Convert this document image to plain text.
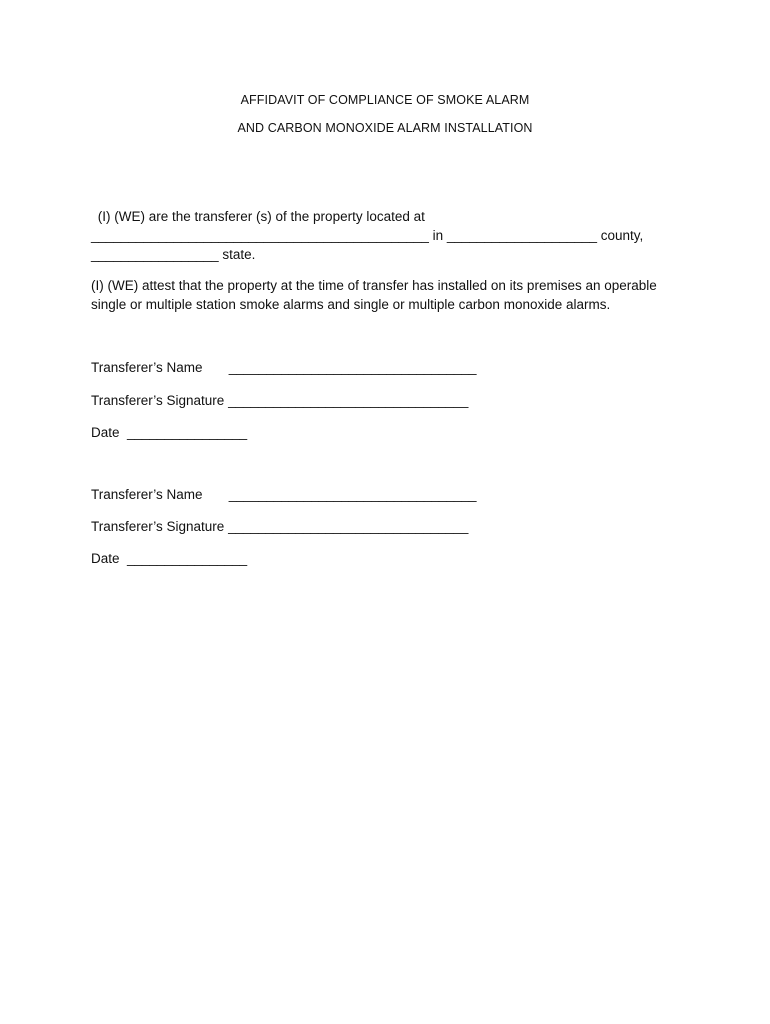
AFFIDAVIT OF COMPLIANCE OF SMOKE ALARM
AND CARBON MONOXIDE ALARM INSTALLATION
(I) (WE) are the transferer (s) of the property located at
_____________________________________________ in ____________________ county,
_________________ state.
(I) (WE) attest that the property at the time of transfer has installed on its premises an operable
single or multiple station smoke alarms and single or multiple carbon monoxide alarms.
Transferer’s Name       _________________________________
Transferer’s Signature ________________________________
Date  ________________
Transferer’s Name       _________________________________
Transferer’s Signature ________________________________
Date  ________________
